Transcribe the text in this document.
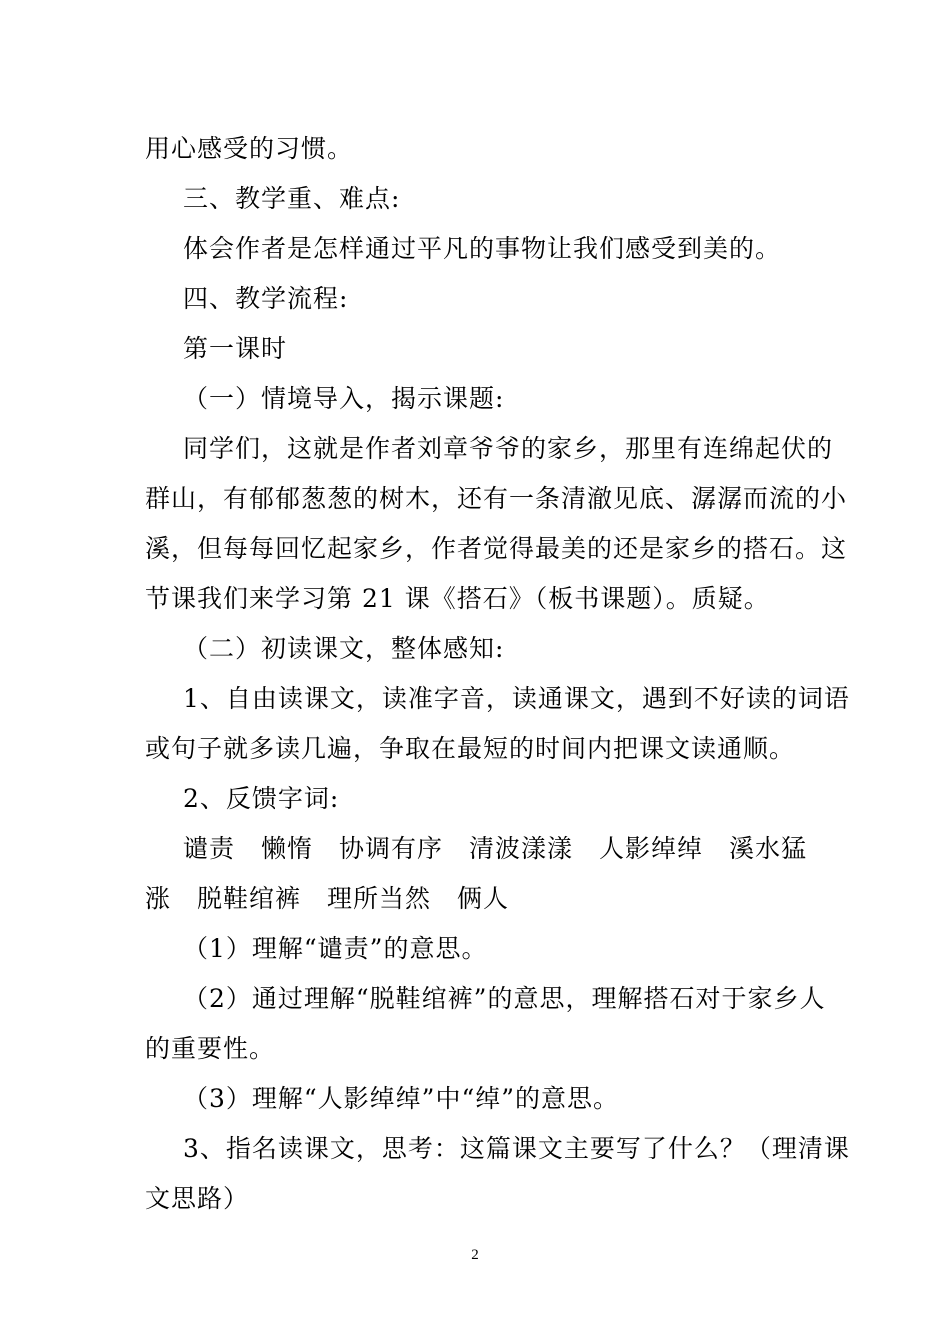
用心感受的习惯。
三、教学重、难点:
体会作者是怎样通过平凡的事物让我们感受到美的。
四、教学流程:
第一课时
（一）情境导入，揭示课题:
同学们，这就是作者刘章爷爷的家乡，那里有连绵起伏的
群山，有郁郁葱葱的树木，还有一条清澈见底、潺潺而流的小
溪，但每每回忆起家乡，作者觉得最美的还是家乡的搭石。这
节课我们来学习第 21 课《搭石》（板书课题）。质疑。
（二）初读课文，整体感知:
1、自由读课文，读准字音，读通课文，遇到不好读的词语
或句子就多读几遍，争取在最短的时间内把课文读通顺。
2、反馈字词:
谴责　懒惰　协调有序　清波漾漾　人影绰绰　溪水猛
涨　脱鞋绾裤　理所当然　俩人
（1）理解“谴责”的意思。
（2）通过理解“脱鞋绾裤”的意思，理解搭石对于家乡人
的重要性。
（3）理解“人影绰绰”中“绰”的意思。
3、指名读课文，思考：这篇课文主要写了什么？（理清课
文思路）
2
